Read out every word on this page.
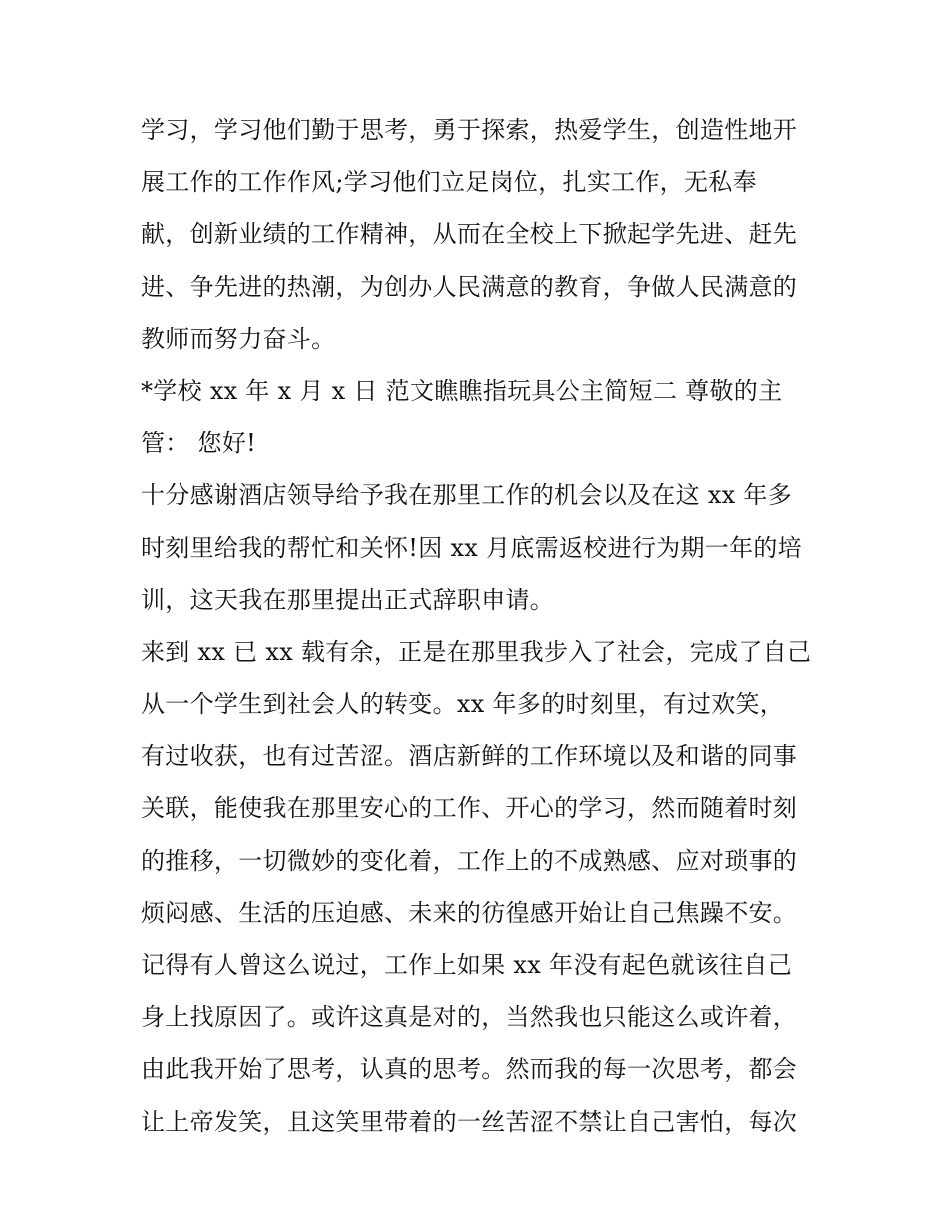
学习，学习他们勤于思考，勇于探索，热爱学生，创造性地开
展工作的工作作风;学习他们立足岗位，扎实工作，无私奉
献，创新业绩的工作精神，从而在全校上下掀起学先进、赶先
进、争先进的热潮，为创办人民满意的教育，争做人民满意的
教师而努力奋斗。
*学校 xx 年 x 月 x 日 范文瞧瞧指玩具公主简短二 尊敬的主
管： 您好!
十分感谢酒店领导给予我在那里工作的机会以及在这 xx 年多
时刻里给我的帮忙和关怀!因 xx 月底需返校进行为期一年的培
训，这天我在那里提出正式辞职申请。
来到 xx 已 xx 载有余，正是在那里我步入了社会，完成了自己
从一个学生到社会人的转变。xx 年多的时刻里，有过欢笑，
有过收获，也有过苦涩。酒店新鲜的工作环境以及和谐的同事
关联，能使我在那里安心的工作、开心的学习，然而随着时刻
的推移，一切微妙的变化着，工作上的不成熟感、应对琐事的
烦闷感、生活的压迫感、未来的彷徨感开始让自己焦躁不安。
记得有人曾这么说过，工作上如果 xx 年没有起色就该往自己
身上找原因了。或许这真是对的，当然我也只能这么或许着，
由此我开始了思考，认真的思考。然而我的每一次思考，都会
让上帝发笑，且这笑里带着的一丝苦涩不禁让自己害怕，每次
